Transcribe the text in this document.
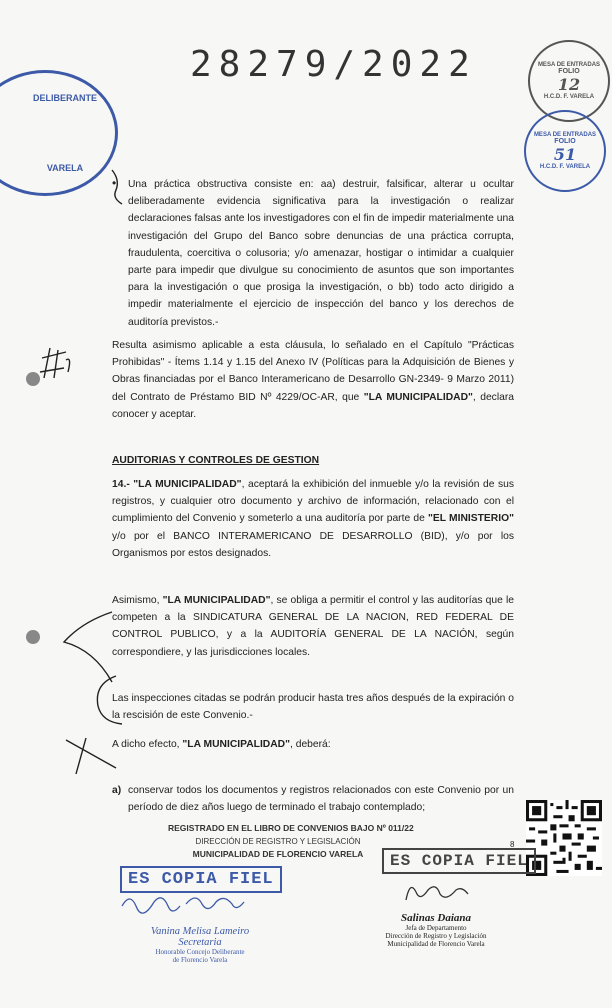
28279/2022	MESA DE ENTRADAS
FOLIO
12
H.C.D. F. VARELA
MESA DE ENTRADAS
FOLIO
51
H.C.D. F. VARELA
DELIBERANTE
VARELA
• Una práctica obstructiva consiste en: aa) destruir, falsificar, alterar u ocultar deliberadamente evidencia significativa para la investigación o realizar declaraciones falsas ante los investigadores con el fin de impedir materialmente una investigación del Grupo del Banco sobre denuncias de una práctica corrupta, fraudulenta, coercitiva o colusoria; y/o amenazar, hostigar o intimidar a cualquier parte para impedir que divulgue su conocimiento de asuntos que son importantes para la investigación o que prosiga la investigación, o bb) todo acto dirigido a impedir materialmente el ejercicio de inspección del banco y los derechos de auditoría previstos.-

Resulta asimismo aplicable a esta cláusula, lo señalado en el Capítulo "Prácticas Prohibidas" - Ítems 1.14 y 1.15 del Anexo IV (Políticas para la Adquisición de Bienes y Obras financiadas por el Banco Interamericano de Desarrollo GN-2349- 9 Marzo 2011) del Contrato de Préstamo BID Nº 4229/OC-AR, que "LA MUNICIPALIDAD", declara conocer y aceptar.

AUDITORIAS Y CONTROLES DE GESTION

14.- "LA MUNICIPALIDAD", aceptará la exhibición del inmueble y/o la revisión de sus registros, y cualquier otro documento y archivo de información, relacionado con el cumplimiento del Convenio y someterlo a una auditoría por parte de "EL MINISTERIO" y/o por el BANCO INTERAMERICANO DE DESARROLLO (BID), y/o por los Organismos por estos designados.

Asimismo, "LA MUNICIPALIDAD", se obliga a permitir el control y las auditorías que le competen a la SINDICATURA GENERAL DE LA NACION, RED FEDERAL DE CONTROL PUBLICO, y a la AUDITORÍA GENERAL DE LA NACIÓN, según correspondiere, y las jurisdicciones locales.

Las inspecciones citadas se podrán producir hasta tres años después de la expiración o la rescisión de este Convenio.-

A dicho efecto, "LA MUNICIPALIDAD", deberá:

a) conservar todos los documentos y registros relacionados con este Convenio por un período de diez años luego de terminado el trabajo contemplado;

8
REGISTRADO EN EL LIBRO DE CONVENIOS BAJO Nº 011/22
DIRECCIÓN DE REGISTRO Y LEGISLACIÓN
MUNICIPALIDAD DE FLORENCIO VARELA	ES COPIA FIEL
ES COPIA FIEL
Vanina Melisa Lameiro
Secretaria
Honorable Concejo Deliberante
de Florencio Varela
Salinas Daiana
Jefa de Departamento
Dirección de Registro y Legislación
Municipalidad de Florencio Varela
